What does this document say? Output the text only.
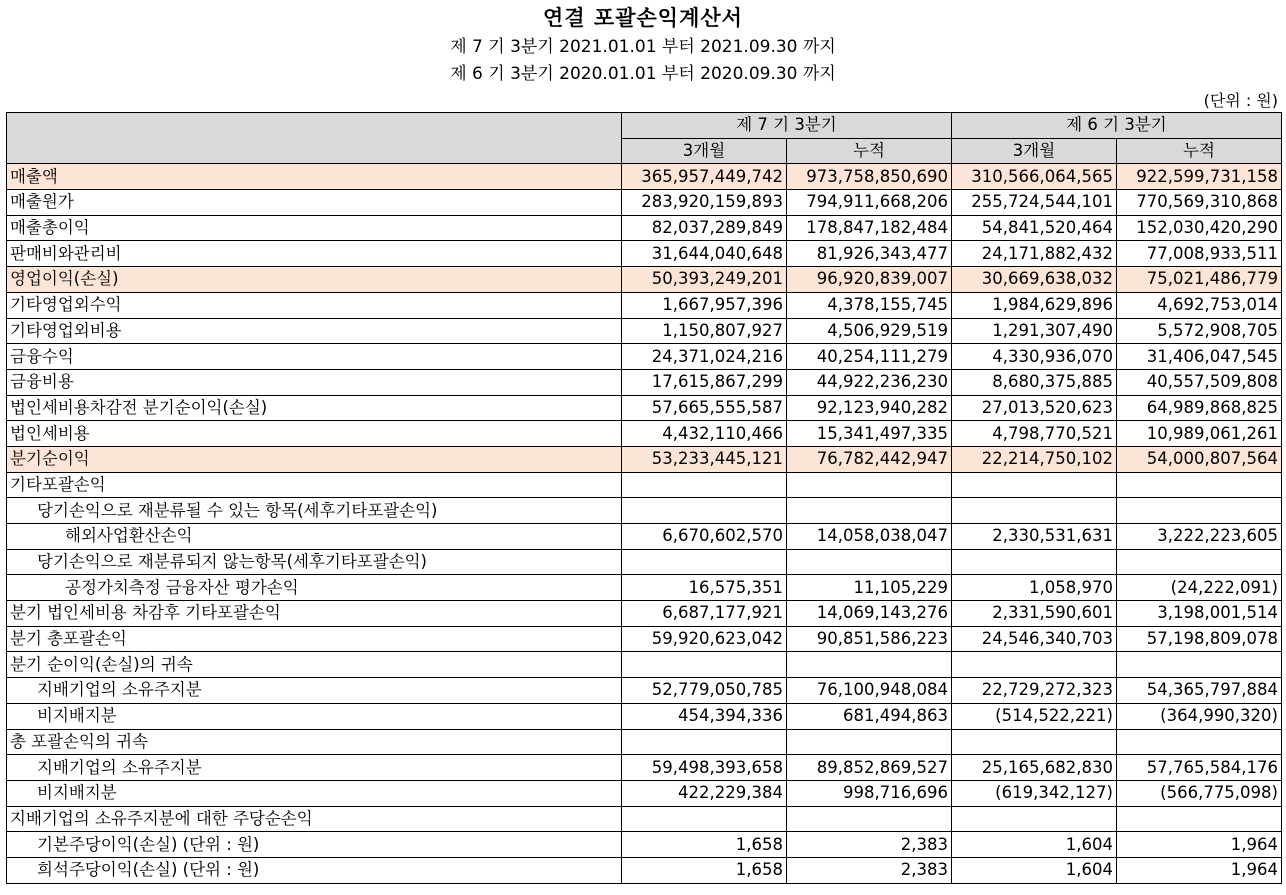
연결 포괄손익계산서
제 7 기 3분기 2021.01.01 부터 2021.09.30 까지
제 6 기 3분기 2020.01.01 부터 2020.09.30 까지
(단위 : 원)
	제 7 기 3분기		제 6 기 3분기	
	3개월	누적	3개월	누적
매출액	365,957,449,742	973,758,850,690	310,566,064,565	922,599,731,158
매출원가	283,920,159,893	794,911,668,206	255,724,544,101	770,569,310,868
매출총이익	82,037,289,849	178,847,182,484	54,841,520,464	152,030,420,290
판매비와관리비	31,644,040,648	81,926,343,477	24,171,882,432	77,008,933,511
영업이익(손실)	50,393,249,201	96,920,839,007	30,669,638,032	75,021,486,779
기타영업외수익	1,667,957,396	4,378,155,745	1,984,629,896	4,692,753,014
기타영업외비용	1,150,807,927	4,506,929,519	1,291,307,490	5,572,908,705
금융수익	24,371,024,216	40,254,111,279	4,330,936,070	31,406,047,545
금융비용	17,615,867,299	44,922,236,230	8,680,375,885	40,557,509,808
법인세비용차감전 분기순이익(손실)	57,665,555,587	92,123,940,282	27,013,520,623	64,989,868,825
법인세비용	4,432,110,466	15,341,497,335	4,798,770,521	10,989,061,261
분기순이익	53,233,445,121	76,782,442,947	22,214,750,102	54,000,807,564
기타포괄손익				
당기손익으로 재분류될 수 있는 항목(세후기타포괄손익)				
해외사업환산손익	6,670,602,570	14,058,038,047	2,330,531,631	3,222,223,605
당기손익으로 재분류되지 않는항목(세후기타포괄손익)				
공정가치측정 금융자산 평가손익	16,575,351	11,105,229	1,058,970	(24,222,091)
분기 법인세비용 차감후 기타포괄손익	6,687,177,921	14,069,143,276	2,331,590,601	3,198,001,514
분기 총포괄손익	59,920,623,042	90,851,586,223	24,546,340,703	57,198,809,078
분기 순이익(손실)의 귀속				
지배기업의 소유주지분	52,779,050,785	76,100,948,084	22,729,272,323	54,365,797,884
비지배지분	454,394,336	681,494,863	(514,522,221)	(364,990,320)
총 포괄손익의 귀속				
지배기업의 소유주지분	59,498,393,658	89,852,869,527	25,165,682,830	57,765,584,176
비지배지분	422,229,384	998,716,696	(619,342,127)	(566,775,098)
지배기업의 소유주지분에 대한 주당순손익				
기본주당이익(손실) (단위 : 원)	1,658	2,383	1,604	1,964
희석주당이익(손실) (단위 : 원)	1,658	2,383	1,604	1,964
